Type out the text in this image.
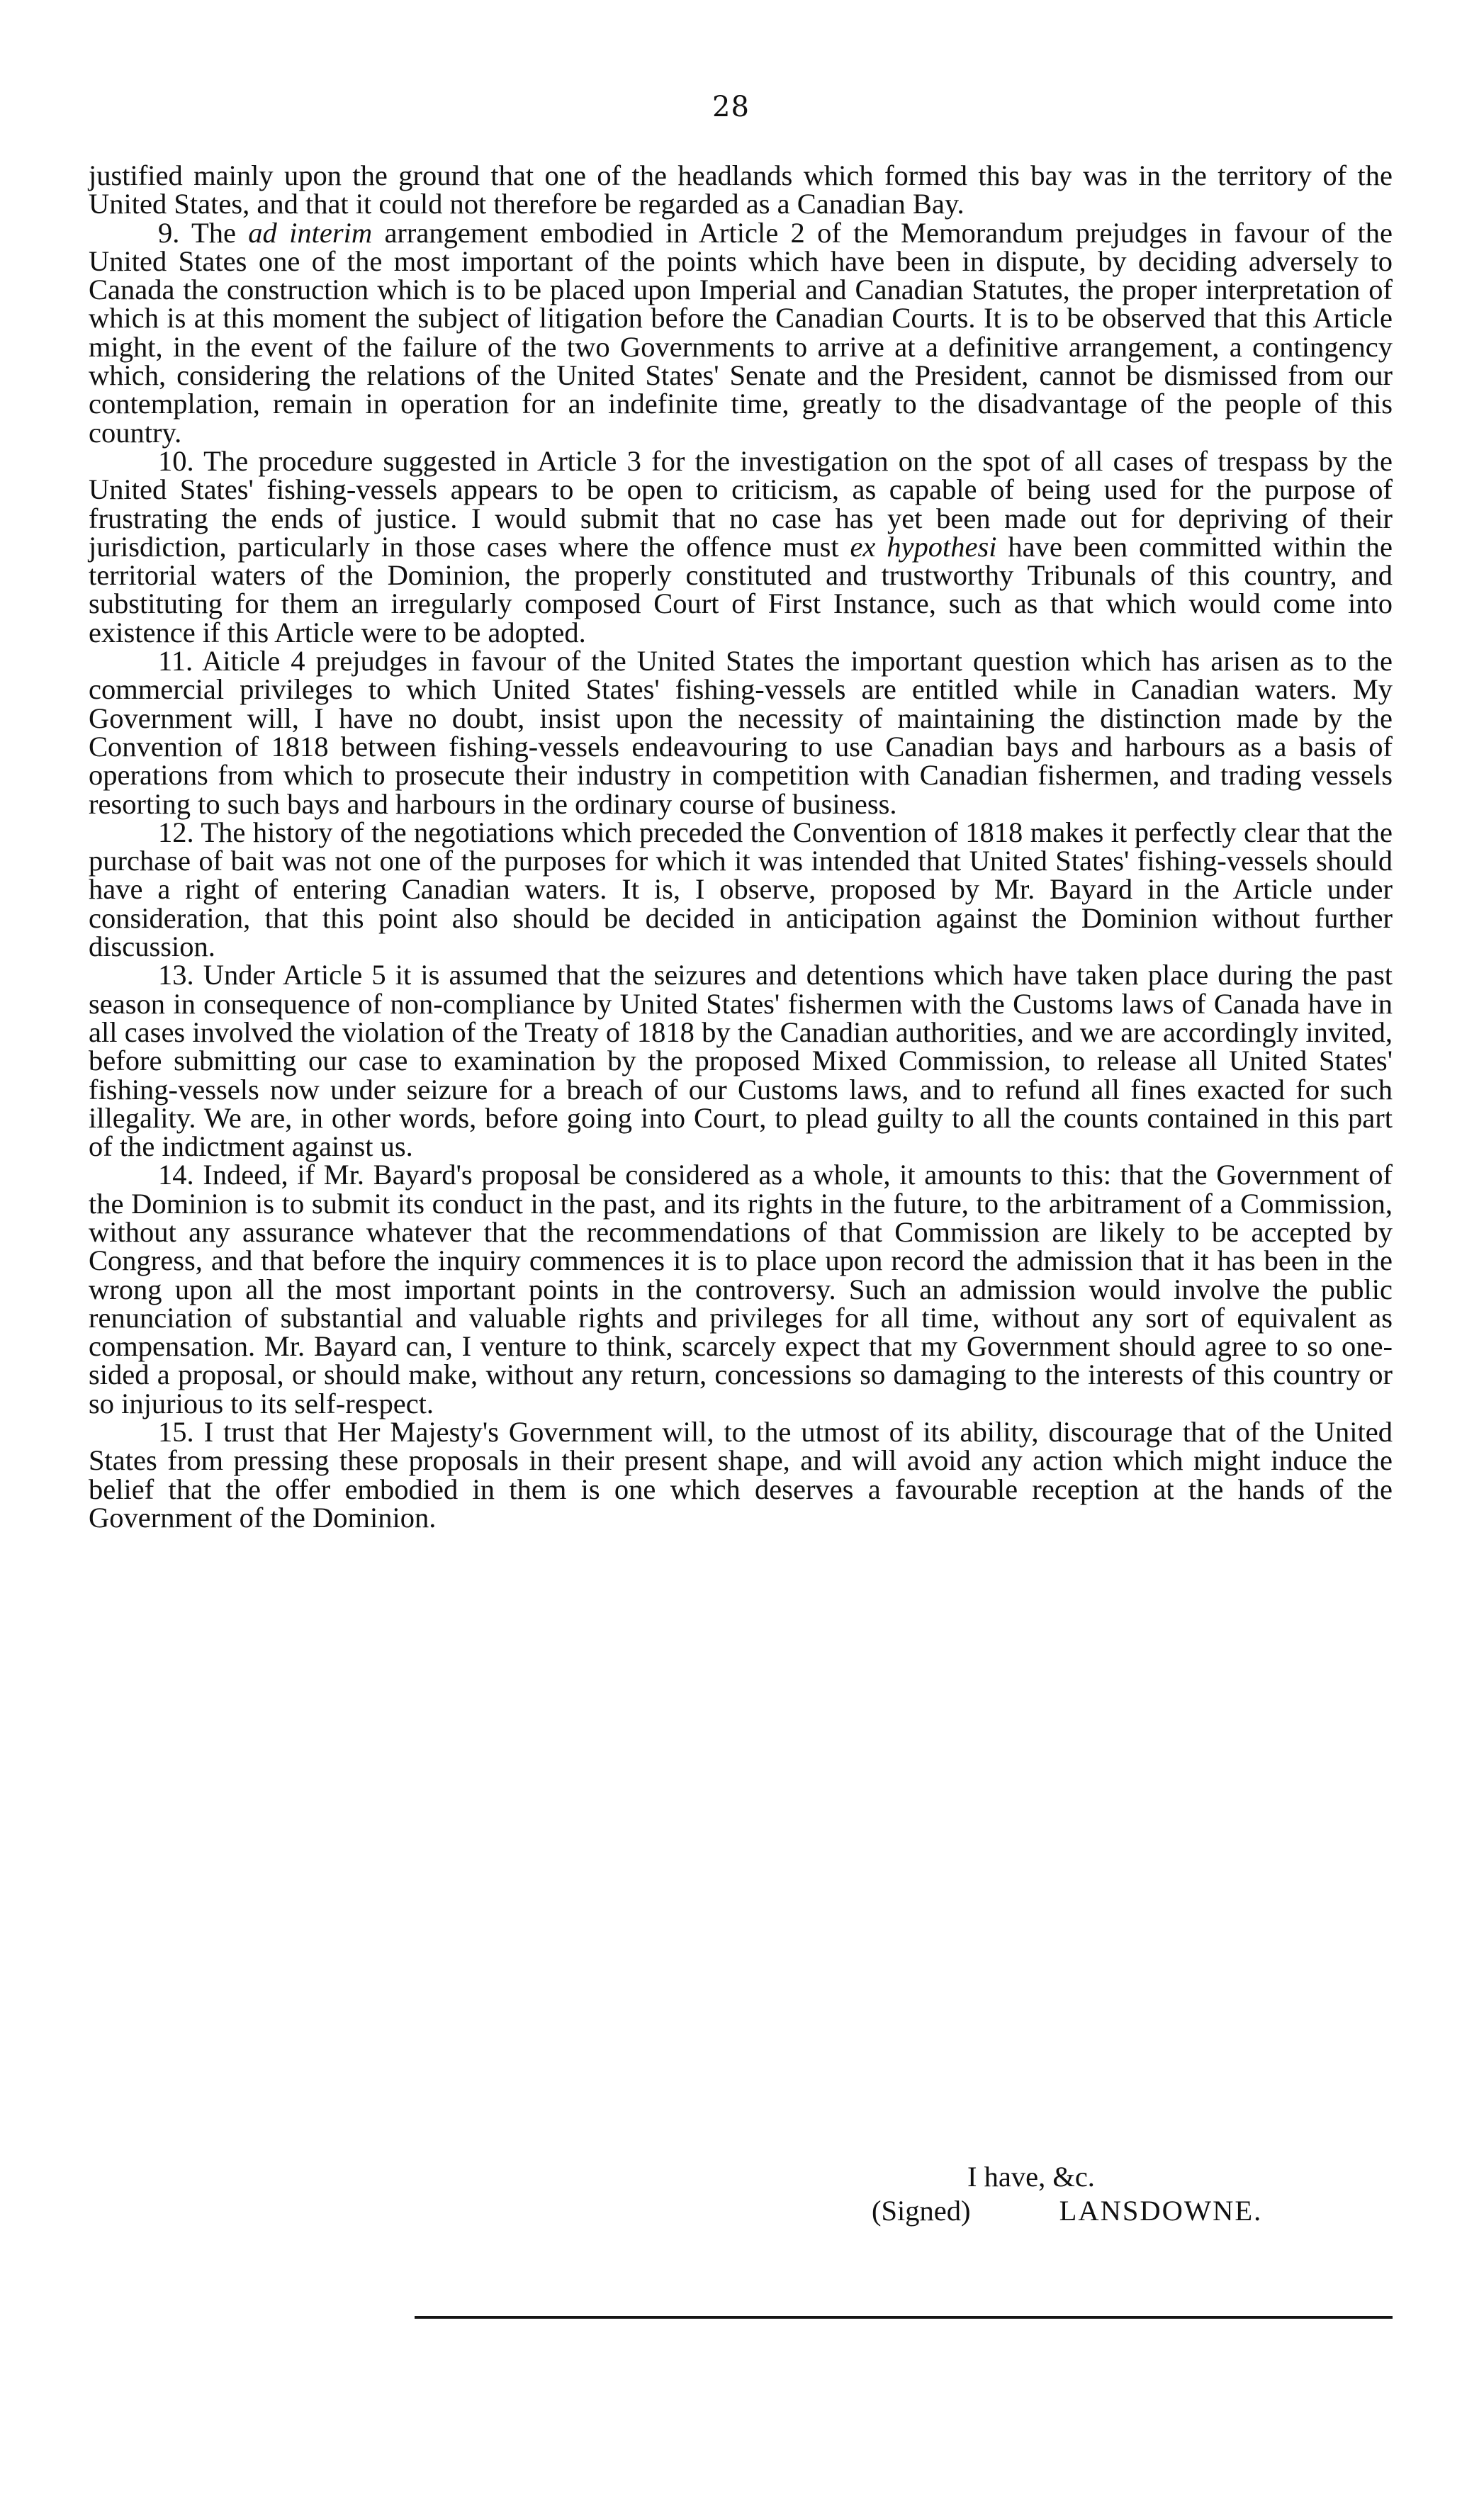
28

justified mainly upon the ground that one of the headlands which formed this bay was in the territory of the United States, and that it could not therefore be regarded as a Canadian Bay.

9. The ad interim arrangement embodied in Article 2 of the Memorandum prejudges in favour of the United States one of the most important of the points which have been in dispute, by deciding adversely to Canada the construction which is to be placed upon Imperial and Canadian Statutes, the proper interpretation of which is at this moment the subject of litigation before the Canadian Courts. It is to be observed that this Article might, in the event of the failure of the two Governments to arrive at a definitive arrangement, a contingency which, considering the relations of the United States' Senate and the President, cannot be dismissed from our contemplation, remain in operation for an indefinite time, greatly to the disadvantage of the people of this country.

10. The procedure suggested in Article 3 for the investigation on the spot of all cases of trespass by the United States' fishing-vessels appears to be open to criticism, as capable of being used for the purpose of frustrating the ends of justice. I would submit that no case has yet been made out for depriving of their jurisdiction, particularly in those cases where the offence must ex hypothesi have been committed within the territorial waters of the Dominion, the properly constituted and trustworthy Tribunals of this country, and substituting for them an irregularly composed Court of First Instance, such as that which would come into existence if this Article were to be adopted.

11. Aiticle 4 prejudges in favour of the United States the important question which has arisen as to the commercial privileges to which United States' fishing-vessels are entitled while in Canadian waters. My Government will, I have no doubt, insist upon the necessity of maintaining the distinction made by the Convention of 1818 between fishing-vessels endeavouring to use Canadian bays and harbours as a basis of operations from which to prosecute their industry in competition with Canadian fishermen, and trading vessels resorting to such bays and harbours in the ordinary course of business.

12. The history of the negotiations which preceded the Convention of 1818 makes it perfectly clear that the purchase of bait was not one of the purposes for which it was intended that United States' fishing-vessels should have a right of entering Canadian waters. It is, I observe, proposed by Mr. Bayard in the Article under consideration, that this point also should be decided in anticipation against the Dominion without further discussion.

13. Under Article 5 it is assumed that the seizures and detentions which have taken place during the past season in consequence of non-compliance by United States' fishermen with the Customs laws of Canada have in all cases involved the violation of the Treaty of 1818 by the Canadian authorities, and we are accordingly invited, before submitting our case to examination by the proposed Mixed Commission, to release all United States' fishing-vessels now under seizure for a breach of our Customs laws, and to refund all fines exacted for such illegality. We are, in other words, before going into Court, to plead guilty to all the counts contained in this part of the indictment against us.

14. Indeed, if Mr. Bayard's proposal be considered as a whole, it amounts to this: that the Government of the Dominion is to submit its conduct in the past, and its rights in the future, to the arbitrament of a Commission, without any assurance whatever that the recommendations of that Commission are likely to be accepted by Congress, and that before the inquiry commences it is to place upon record the admission that it has been in the wrong upon all the most important points in the controversy. Such an admission would involve the public renunciation of substantial and valuable rights and privileges for all time, without any sort of equivalent as compensation. Mr. Bayard can, I venture to think, scarcely expect that my Government should agree to so one-sided a proposal, or should make, without any return, concessions so damaging to the interests of this country or so injurious to its self-respect.

15. I trust that Her Majesty's Government will, to the utmost of its ability, discourage that of the United States from pressing these proposals in their present shape, and will avoid any action which might induce the belief that the offer embodied in them is one which deserves a favourable reception at the hands of the Government of the Dominion.

I have, &c.
(Signed)	LANSDOWNE.
